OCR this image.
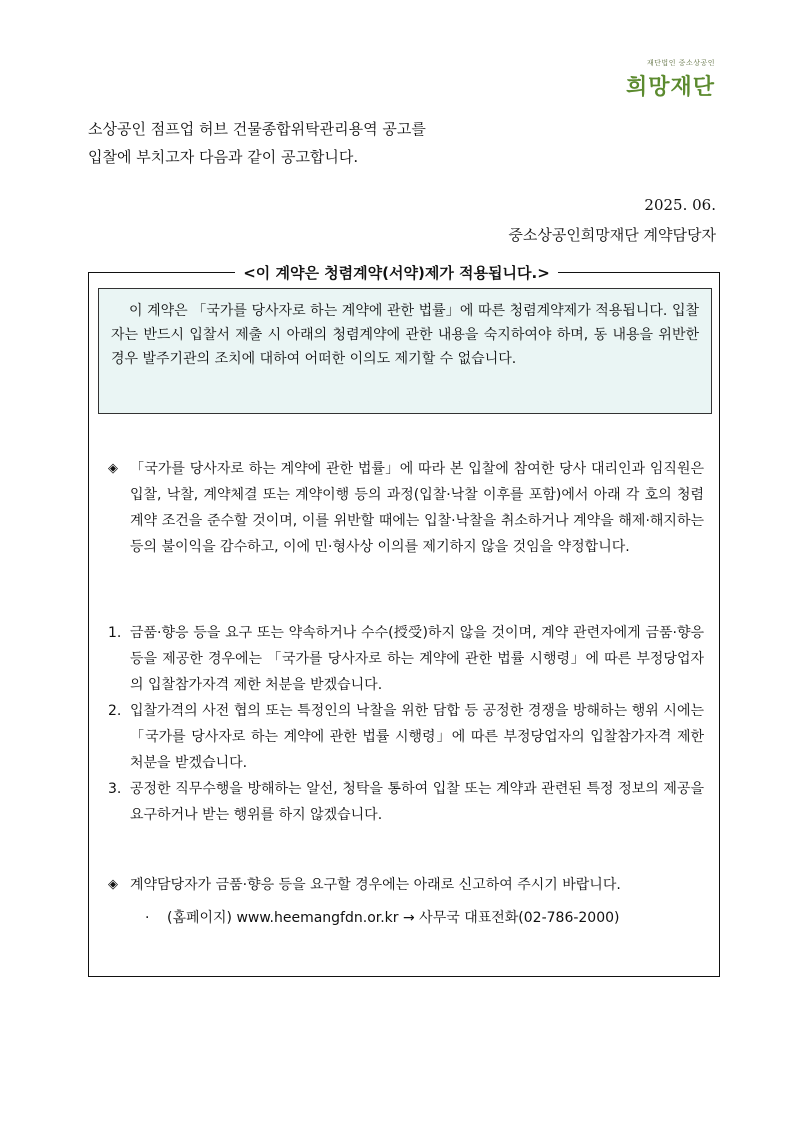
재단법인 중소상공인
희망재단
소상공인 점프업 허브 건물종합위탁관리용역 공고를
입찰에 부치고자 다음과 같이 공고합니다.
2025. 06.
중소상공인희망재단 계약담당자
<이 계약은 청렴계약(서약)제가 적용됩니다.>

이 계약은 「국가를 당사자로 하는 계약에 관한 법률」에 따른 청렴계약제가 적용됩니다. 입찰자는 반드시 입찰서 제출 시 아래의 청렴계약에 관한 내용을 숙지하여야 하며, 동 내용을 위반한 경우 발주기관의 조치에 대하여 어떠한 이의도 제기할 수 없습니다.

◈ 「국가를 당사자로 하는 계약에 관한 법률」에 따라 본 입찰에 참여한 당사 대리인과 임직원은 입찰, 낙찰, 계약체결 또는 계약이행 등의 과정(입찰·낙찰 이후를 포함)에서 아래 각 호의 청렴계약 조건을 준수할 것이며, 이를 위반할 때에는 입찰·낙찰을 취소하거나 계약을 해제·해지하는 등의 불이익을 감수하고, 이에 민·형사상 이의를 제기하지 않을 것임을 약정합니다.
1. 금품·향응 등을 요구 또는 약속하거나 수수(授受)하지 않을 것이며, 계약 관련자에게 금품·향응 등을 제공한 경우에는 「국가를 당사자로 하는 계약에 관한 법률 시행령」에 따른 부정당업자의 입찰참가자격 제한 처분을 받겠습니다.
2. 입찰가격의 사전 협의 또는 특정인의 낙찰을 위한 담합 등 공정한 경쟁을 방해하는 행위 시에는 「국가를 당사자로 하는 계약에 관한 법률 시행령」에 따른 부정당업자의 입찰참가자격 제한 처분을 받겠습니다.
3. 공정한 직무수행을 방해하는 알선, 청탁을 통하여 입찰 또는 계약과 관련된 특정 정보의 제공을 요구하거나 받는 행위를 하지 않겠습니다.
◈ 계약담당자가 금품·향응 등을 요구할 경우에는 아래로 신고하여 주시기 바랍니다.
· (홈페이지) www.heemangfdn.or.kr → 사무국 대표전화(02-786-2000)
